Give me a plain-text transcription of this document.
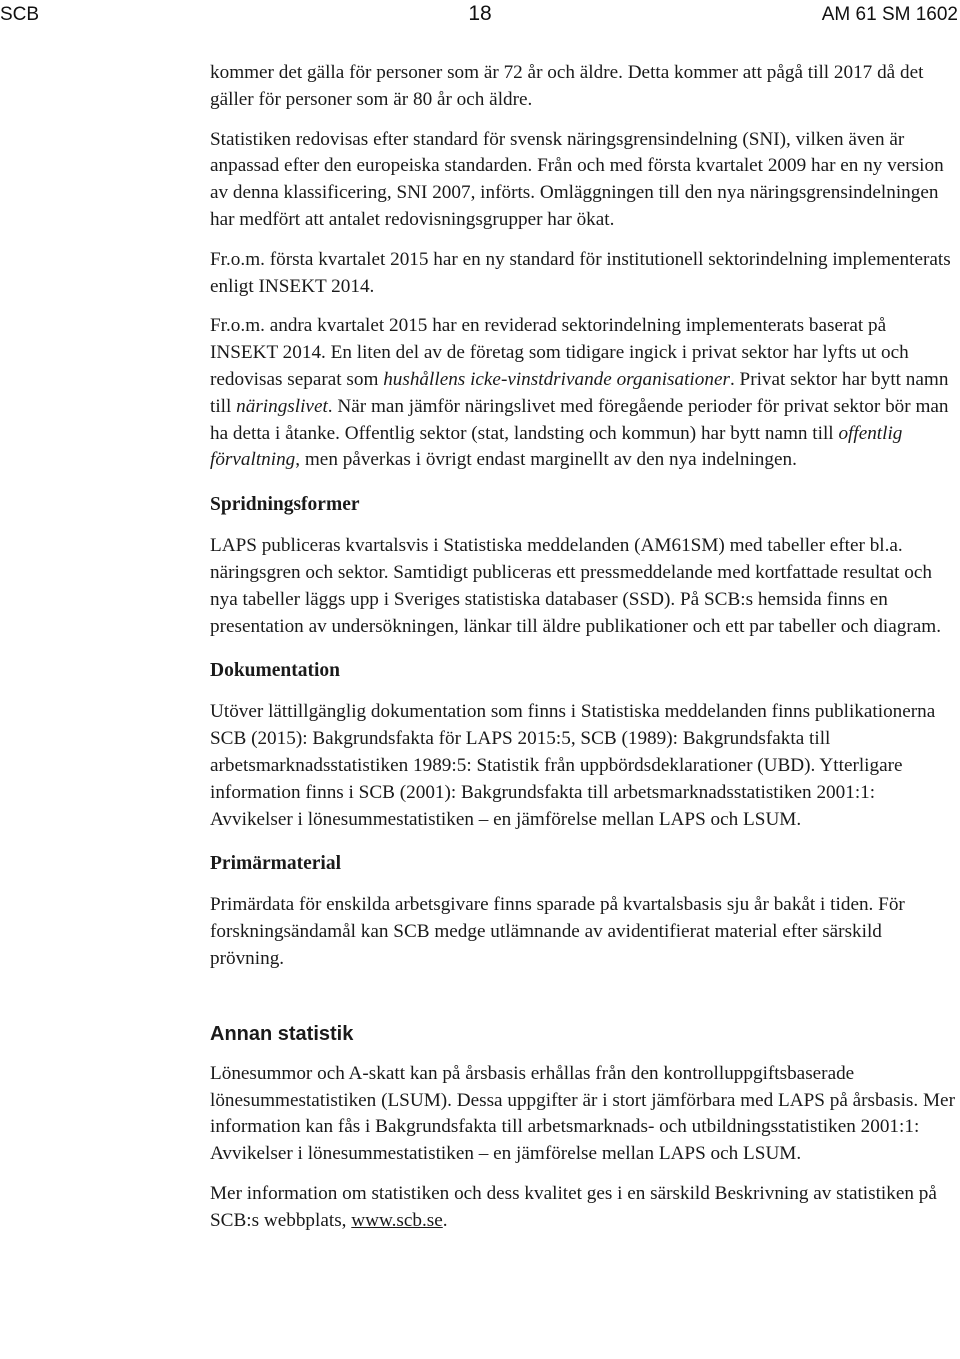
SCB	18	AM 61 SM 1602

kommer det gälla för personer som är 72 år och äldre. Detta kommer att pågå till 2017 då det gäller för personer som är 80 år och äldre.

Statistiken redovisas efter standard för svensk näringsgrensindelning (SNI), vilken även är anpassad efter den europeiska standarden. Från och med första kvartalet 2009 har en ny version av denna klassificering, SNI 2007, införts. Omläggningen till den nya näringsgrensindelningen har medfört att antalet redovisningsgrupper har ökat.

Fr.o.m. första kvartalet 2015 har en ny standard för institutionell sektorindelning implementerats enligt INSEKT 2014.

Fr.o.m. andra kvartalet 2015 har en reviderad sektorindelning implementerats baserat på INSEKT 2014. En liten del av de företag som tidigare ingick i privat sektor har lyfts ut och redovisas separat som hushållens icke-vinstdrivande organisationer. Privat sektor har bytt namn till näringslivet. När man jämför näringslivet med föregående perioder för privat sektor bör man ha detta i åtanke. Offentlig sektor (stat, landsting och kommun) har bytt namn till offentlig förvaltning, men påverkas i övrigt endast marginellt av den nya indelningen.

Spridningsformer

LAPS publiceras kvartalsvis i Statistiska meddelanden (AM61SM) med tabeller efter bl.a. näringsgren och sektor. Samtidigt publiceras ett pressmeddelande med kortfattade resultat och nya tabeller läggs upp i Sveriges statistiska databaser (SSD). På SCB:s hemsida finns en presentation av undersökningen, länkar till äldre publikationer och ett par tabeller och diagram.

Dokumentation

Utöver lättillgänglig dokumentation som finns i Statistiska meddelanden finns publikationerna SCB (2015): Bakgrundsfakta för LAPS 2015:5, SCB (1989): Bakgrundsfakta till arbetsmarknadsstatistiken 1989:5: Statistik från uppbördsdeklarationer (UBD). Ytterligare information finns i SCB (2001): Bakgrundsfakta till arbetsmarknadsstatistiken 2001:1: Avvikelser i lönesummestatistiken – en jämförelse mellan LAPS och LSUM.

Primärmaterial

Primärdata för enskilda arbetsgivare finns sparade på kvartalsbasis sju år bakåt i tiden. För forskningsändamål kan SCB medge utlämnande av avidentifierat material efter särskild prövning.

Annan statistik

Lönesummor och A-skatt kan på årsbasis erhållas från den kontrolluppgiftsbaserade lönesummestatistiken (LSUM). Dessa uppgifter är i stort jämförbara med LAPS på årsbasis. Mer information kan fås i Bakgrundsfakta till arbetsmarknads- och utbildningsstatistiken 2001:1: Avvikelser i lönesummestatistiken – en jämförelse mellan LAPS och LSUM.

Mer information om statistiken och dess kvalitet ges i en särskild Beskrivning av statistiken på SCB:s webbplats, www.scb.se.
